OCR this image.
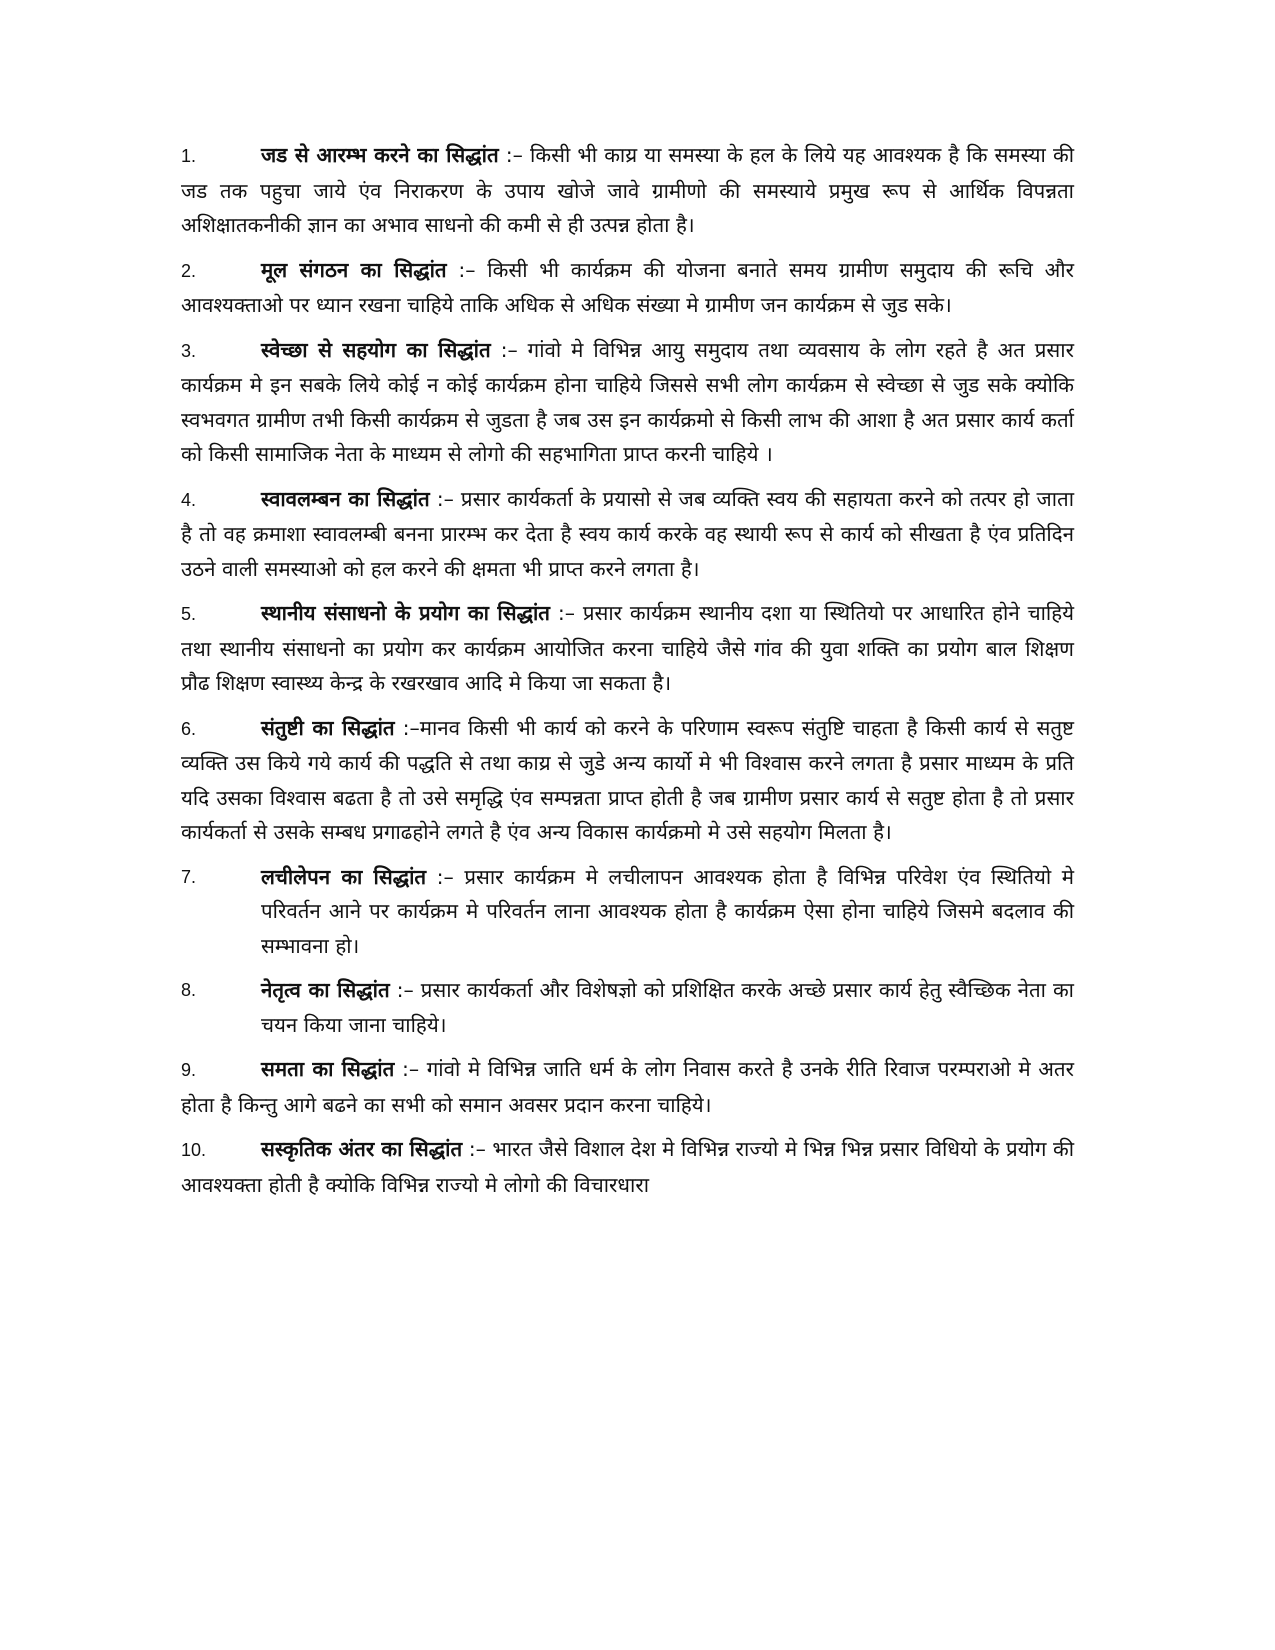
1.	जड से आरम्भ करने का सिद्धांत :– किसी भी काय्र या समस्या के हल के लिये यह आवश्यक है कि समस्या की जड तक पहुचा जाये एंव निराकरण के उपाय खोजे जावे ग्रामीणो की समस्याये प्रमुख रूप से आर्थिक विपन्नता अशिक्षातकनीकी ज्ञान का अभाव साधनो की कमी से ही उत्पन्न होता है।
2.	मूल संगठन का सिद्धांत :– किसी भी कार्यक्रम की योजना बनाते समय ग्रामीण समुदाय की रूचि और आवश्यक्ताओ पर ध्यान रखना चाहिये ताकि अधिक से अधिक संख्या मे ग्रामीण जन कार्यक्रम से जुड सके।
3.	स्वेच्छा से सहयोग का सिद्धांत :– गांवो मे विभिन्न आयु समुदाय तथा व्यवसाय के लोग रहते है अत प्रसार कार्यक्रम मे इन सबके लिये कोई न कोई कार्यक्रम होना चाहिये जिससे सभी लोग कार्यक्रम से स्वेच्छा से जुड सके क्योकि स्वभवगत ग्रामीण तभी किसी कार्यक्रम से जुडता है जब उस इन कार्यक्रमो से किसी लाभ की आशा है अत प्रसार कार्य कर्ता को किसी सामाजिक नेता के माध्यम से लोगो की सहभागिता प्राप्त करनी चाहिये ।
4.	स्वावलम्बन का सिद्धांत :– प्रसार कार्यकर्ता के प्रयासो से जब व्यक्ति स्वय की सहायता करने को तत्पर हो जाता है तो वह क्रमाशा स्वावलम्बी बनना प्रारम्भ कर देता है स्वय कार्य करके वह स्थायी रूप से कार्य को सीखता है एंव प्रतिदिन उठने वाली समस्याओ को हल करने की क्षमता भी प्राप्त करने लगता है।
5.	स्थानीय संसाधनो के प्रयोग का सिद्धांत :– प्रसार कार्यक्रम स्थानीय दशा या स्थितियो पर आधारित होने चाहिये तथा स्थानीय संसाधनो का प्रयोग कर कार्यक्रम आयोजित करना चाहिये जैसे गांव की युवा शक्ति का प्रयोग बाल शिक्षण प्रौढ शिक्षण स्वास्थ्य केन्द्र के रखरखाव आदि मे किया जा सकता है।
6.	संतुष्टी का सिद्धांत :–मानव किसी भी कार्य को करने के परिणाम स्वरूप संतुष्टि चाहता है किसी कार्य से सतुष्ट व्यक्ति उस किये गये कार्य की पद्धति से तथा काय्र से जुडे अन्य कार्यो मे भी विश्वास करने लगता है प्रसार माध्यम के प्रति यदि उसका विश्वास बढता है तो उसे समृद्धि एंव सम्पन्नता प्राप्त होती है जब ग्रामीण प्रसार कार्य से सतुष्ट होता है तो प्रसार कार्यकर्ता से उसके सम्बध प्रगाढहोने लगते है एंव अन्य विकास कार्यक्रमो मे उसे सहयोग मिलता है।
7.	लचीलेपन का सिद्धांत :– प्रसार कार्यक्रम मे लचीलापन आवश्यक होता है विभिन्न परिवेश एंव स्थितियो मे परिवर्तन आने पर कार्यक्रम मे परिवर्तन लाना आवश्यक होता है कार्यक्रम ऐसा होना चाहिये जिसमे बदलाव की सम्भावना हो।
8.	नेतृत्व का सिद्धांत :– प्रसार कार्यकर्ता और विशेषज्ञो को प्रशिक्षित करके अच्छे प्रसार कार्य हेतु स्वैच्छिक नेता का चयन किया जाना चाहिये।
9.	समता का सिद्धांत :– गांवो मे विभिन्न जाति धर्म के लोग निवास करते है उनके रीति रिवाज परम्पराओ मे अतर होता है किन्तु आगे बढने का सभी को समान अवसर प्रदान करना चाहिये।
10.	सस्कृतिक अंतर का सिद्धांत :– भारत जैसे विशाल देश मे विभिन्न राज्यो मे भिन्न भिन्न प्रसार विधियो के प्रयोग की आवश्यक्ता होती है क्योकि विभिन्न राज्यो मे लोगो की विचारधारा
